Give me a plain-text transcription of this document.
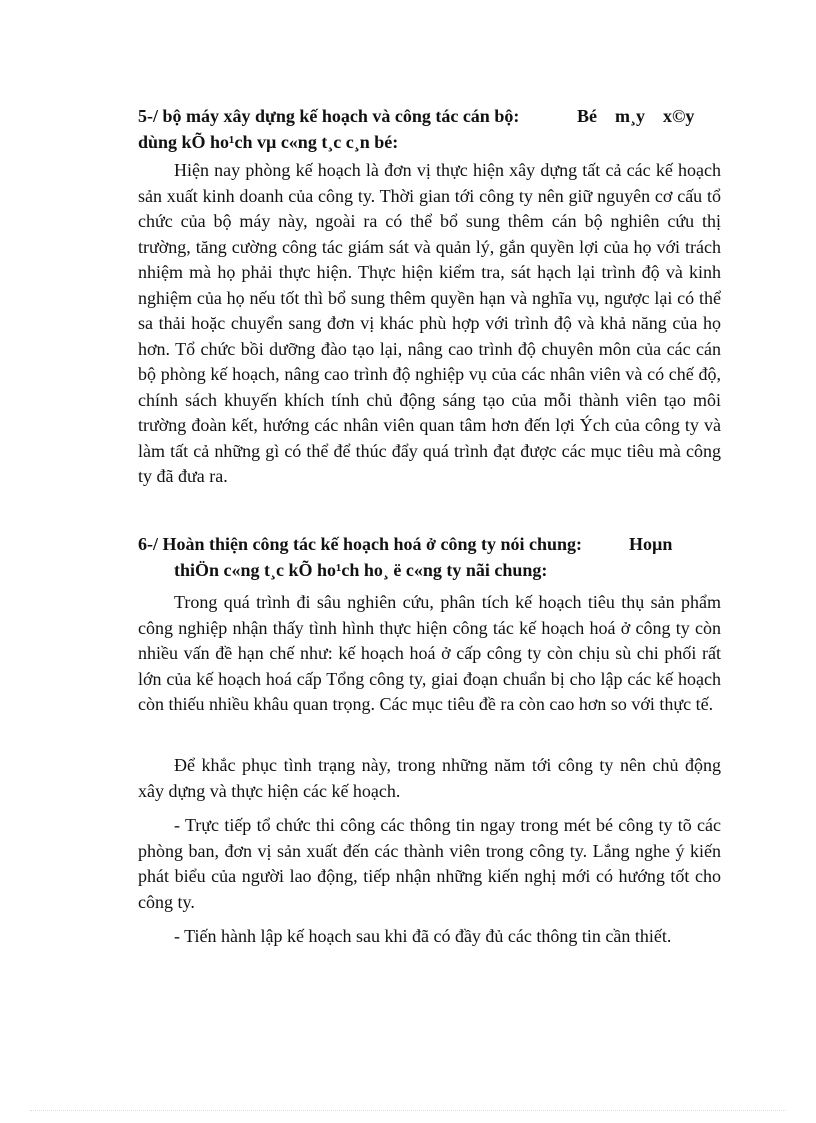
5-/ bộ máy xây dựng kế hoạch và công tác cán bộ:	Bé    m¸y    x©y
dùng kÕ ho¹ch vµ c«ng t¸c c¸n bé:

Hiện nay phòng kế hoạch là đơn vị thực hiện xây dựng tất cả các kế hoạch sản xuất kinh doanh của công ty. Thời gian tới công ty nên giữ nguyên cơ cấu tổ chức của bộ máy này, ngoài ra có thể bổ sung thêm cán bộ nghiên cứu thị trường, tăng cường công tác giám sát và quản lý, gắn quyền lợi của họ với trách nhiệm mà họ phải thực hiện. Thực hiện kiểm tra, sát hạch lại trình độ và kinh nghiệm của họ nếu tốt thì bổ sung thêm quyền hạn và nghĩa vụ, ngược lại có thể sa thải hoặc chuyển sang đơn vị khác phù hợp với trình độ và khả năng của họ hơn. Tổ chức bồi dưỡng đào tạo lại, nâng cao trình độ chuyên môn của các cán bộ phòng kế hoạch, nâng cao trình độ nghiệp vụ của các nhân viên và có chế độ, chính sách khuyến khích tính chủ động sáng tạo của mỗi thành viên tạo môi trường đoàn kết, hướng các nhân viên quan tâm hơn đến lợi Ých của công ty và làm tất cả những gì có thể để thúc đẩy quá trình đạt được các mục tiêu mà công ty đã đưa ra.

6-/ Hoàn thiện công tác kế hoạch hoá ở công ty nói chung:	Hoµn
thiÖn c«ng t¸c kÕ ho¹ch ho¸ ë c«ng ty nãi chung:

Trong quá trình đi sâu nghiên cứu, phân tích kế hoạch tiêu thụ sản phẩm công nghiệp nhận thấy tình hình thực hiện công tác kế hoạch hoá ở công ty còn nhiều vấn đề hạn chế như: kế hoạch hoá ở cấp công ty còn chịu sù chi phối rất lớn của kế hoạch hoá cấp Tổng công ty, giai đoạn chuẩn bị cho lập các kế hoạch còn thiếu nhiều khâu quan trọng. Các mục tiêu đề ra còn cao hơn so với thực tế.

Để khắc phục tình trạng này, trong những năm tới công ty nên chủ động xây dựng và thực hiện các kế hoạch.

- Trực tiếp tổ chức thi công các thông tin ngay trong mét bé công ty tõ các phòng ban, đơn vị sản xuất đến các thành viên trong công ty. Lắng nghe ý kiến phát biểu của người lao động, tiếp nhận những kiến nghị mới có hướng tốt cho công ty.

- Tiến hành lập kế hoạch sau khi đã có đầy đủ các thông tin cần thiết.
